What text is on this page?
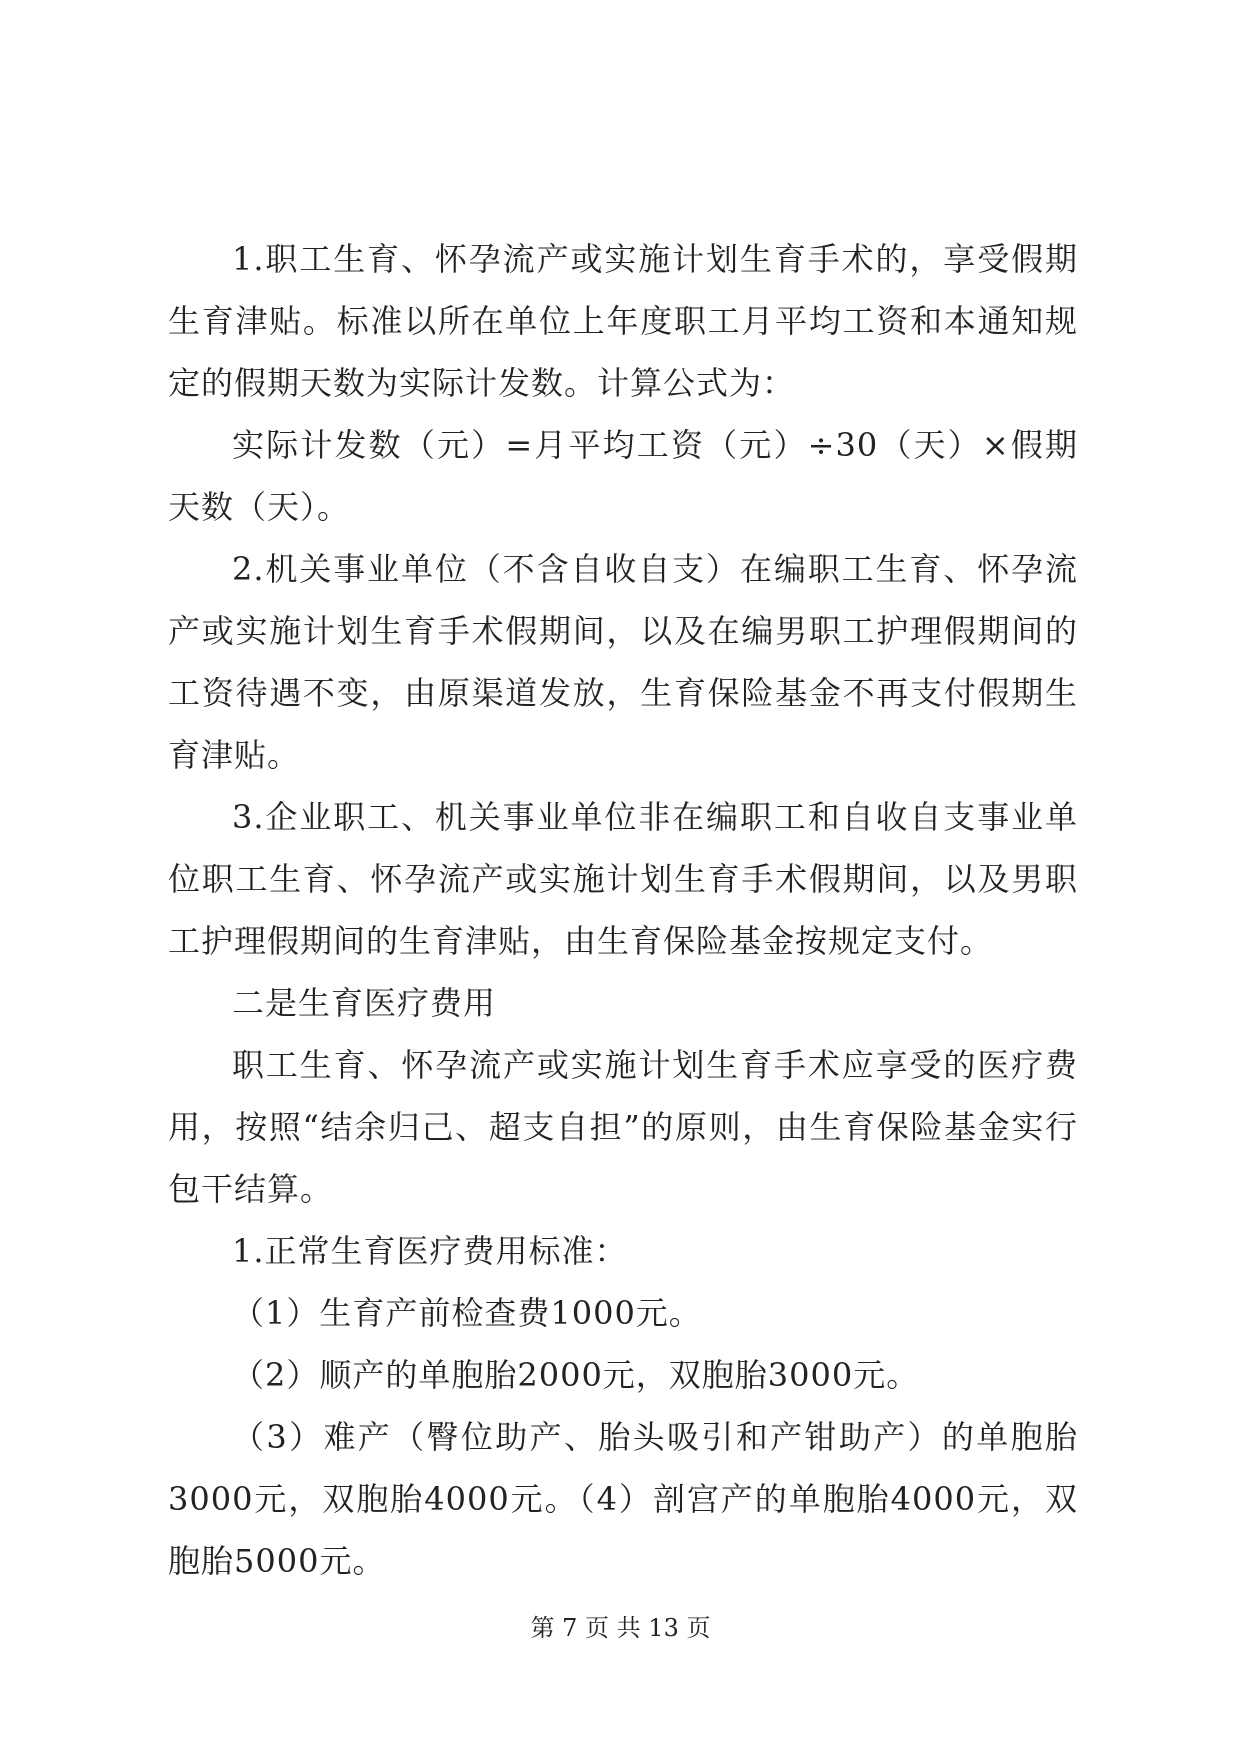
1.职工生育、怀孕流产或实施计划生育手术的，享受假期生育津贴。标准以所在单位上年度职工月平均工资和本通知规定的假期天数为实际计发数。计算公式为：

实际计发数（元）=月平均工资（元）÷30（天）×假期天数（天）。

2.机关事业单位（不含自收自支）在编职工生育、怀孕流产或实施计划生育手术假期间，以及在编男职工护理假期间的工资待遇不变，由原渠道发放，生育保险基金不再支付假期生育津贴。

3.企业职工、机关事业单位非在编职工和自收自支事业单位职工生育、怀孕流产或实施计划生育手术假期间，以及男职工护理假期间的生育津贴，由生育保险基金按规定支付。

二是生育医疗费用

职工生育、怀孕流产或实施计划生育手术应享受的医疗费用，按照“结余归己、超支自担”的原则，由生育保险基金实行包干结算。

1.正常生育医疗费用标准：

（1）生育产前检查费1000元。

（2）顺产的单胞胎2000元，双胞胎3000元。

（3）难产（臀位助产、胎头吸引和产钳助产）的单胞胎3000元，双胞胎4000元。（4）剖宫产的单胞胎4000元，双胞胎5000元。

第 7 页 共 13 页
